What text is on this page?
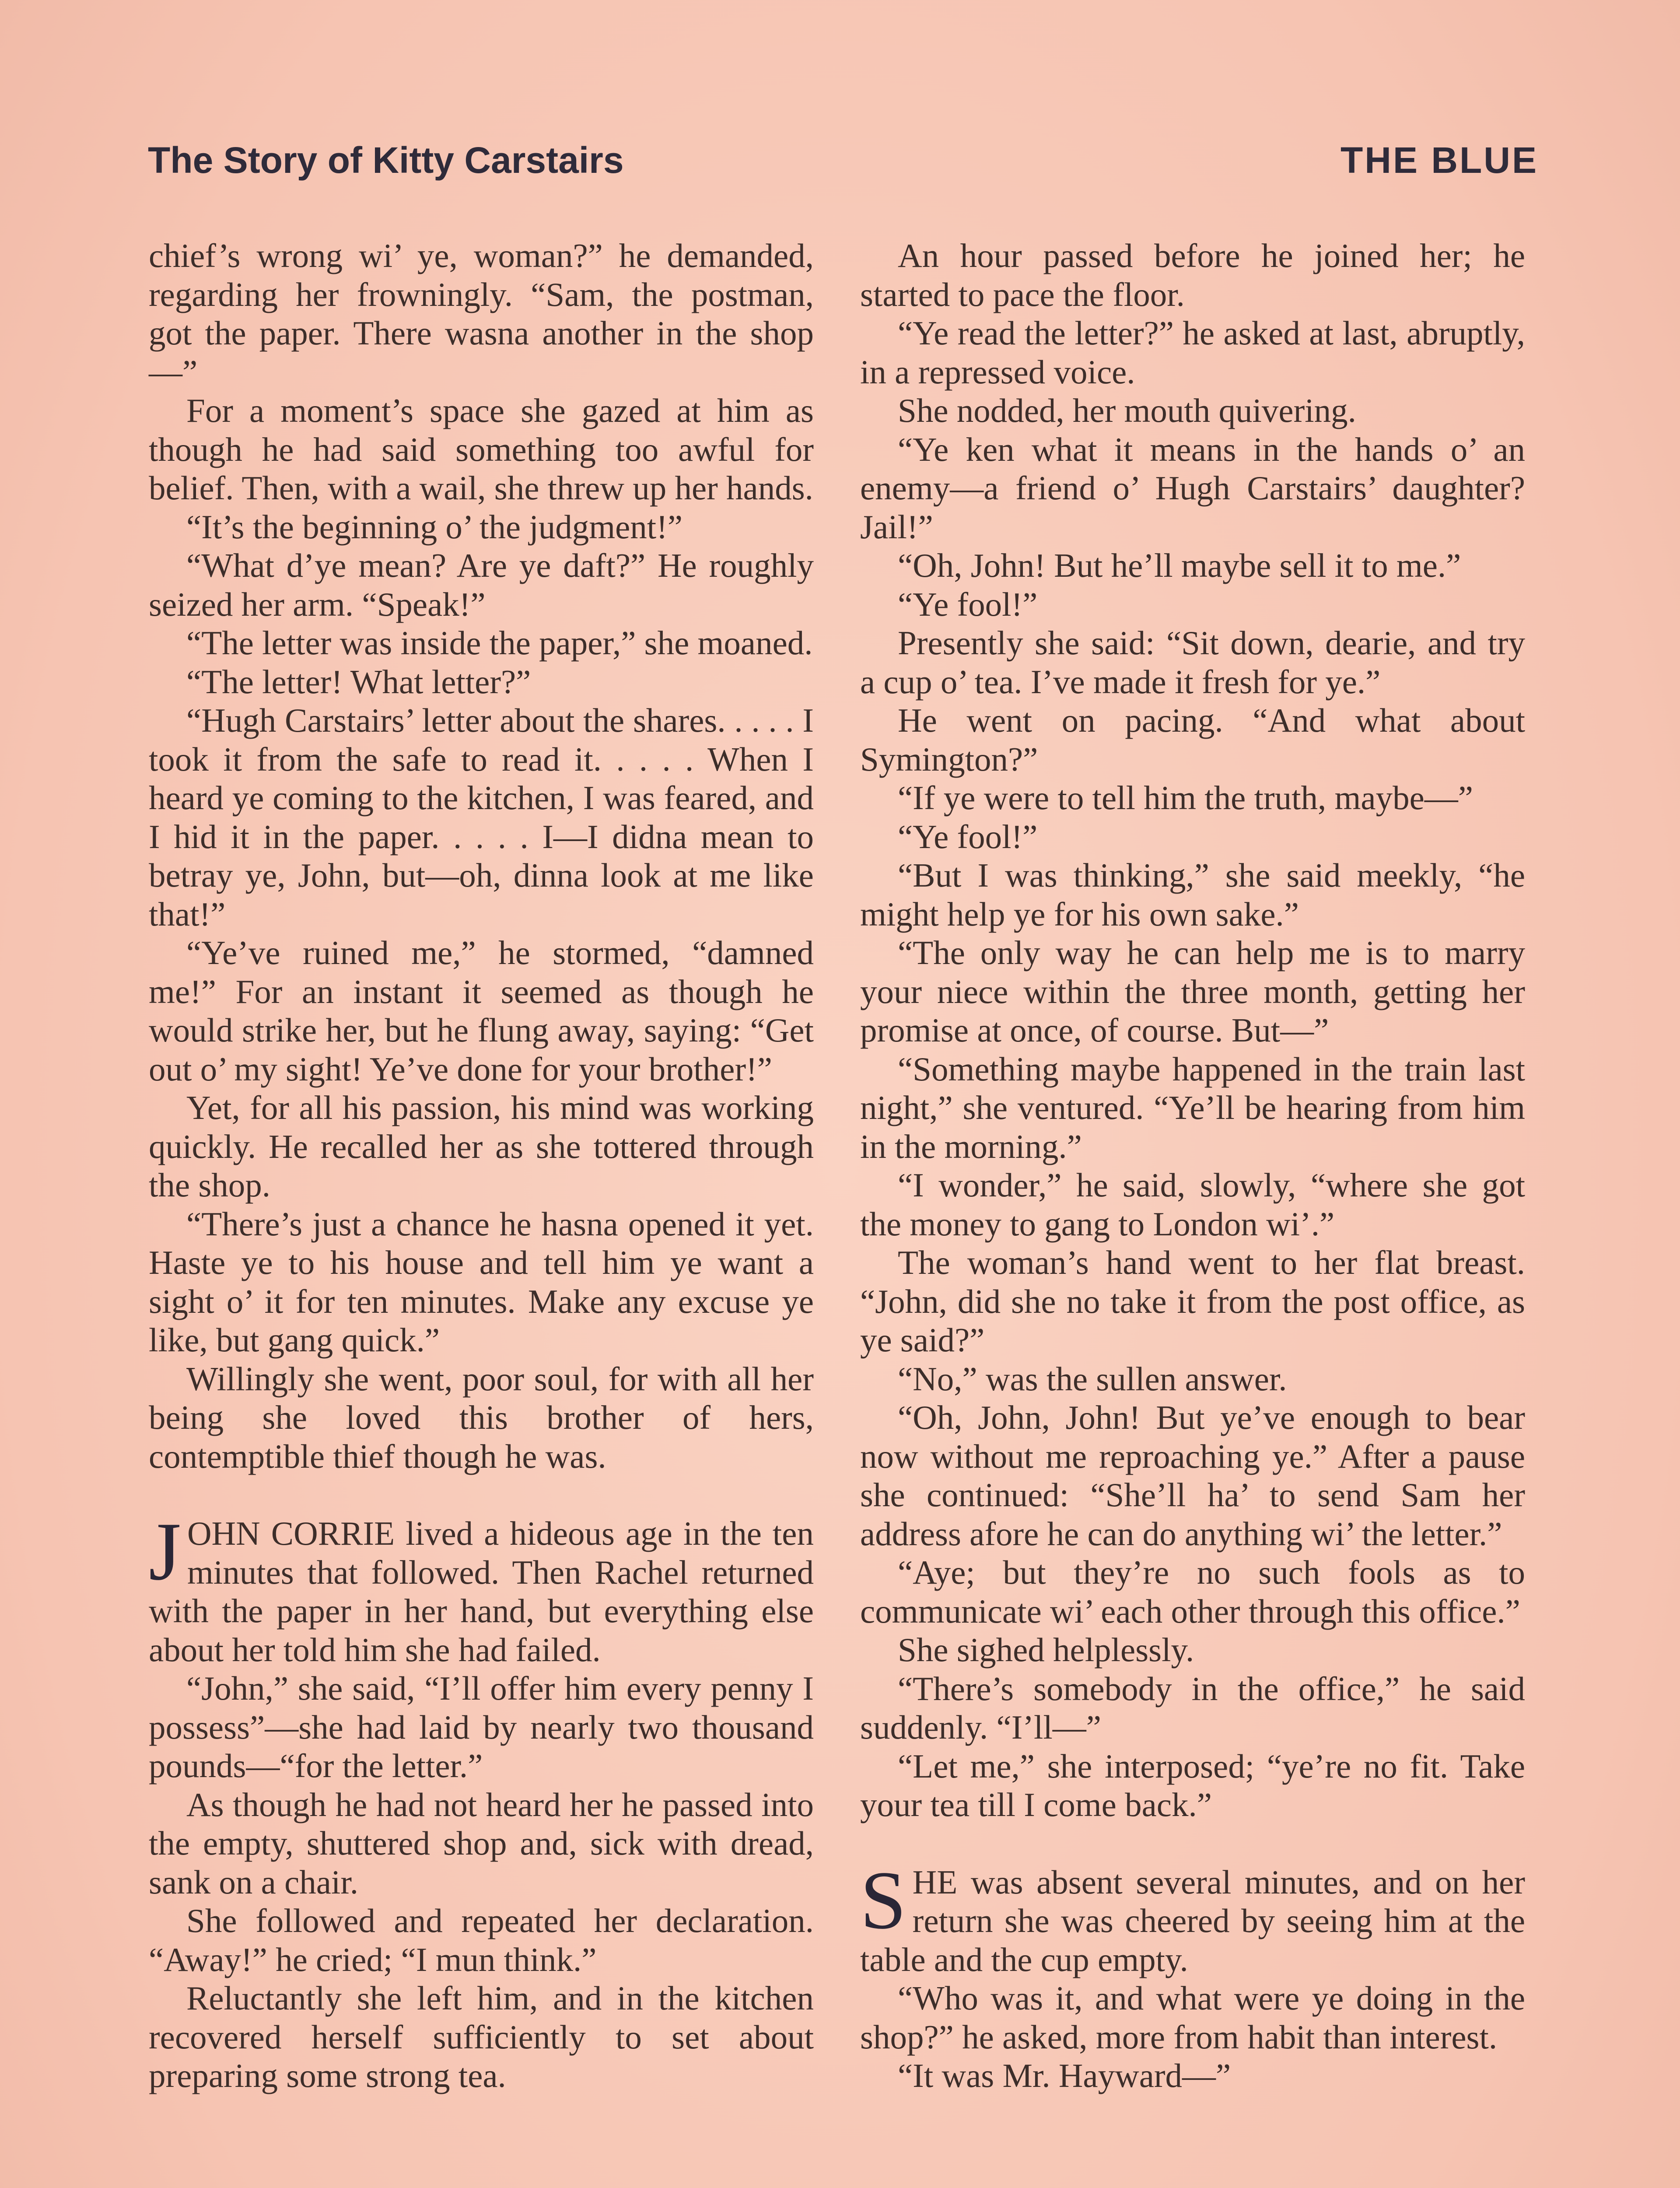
The Story of Kitty Carstairs	THE BLUE

chief’s wrong wi’ ye, woman?” he demanded, regarding her frowningly. “Sam, the postman, got the paper. There wasna another in the shop—”

For a moment’s space she gazed at him as though he had said something too awful for belief. Then, with a wail, she threw up her hands.

“It’s the beginning o’ the judgment!”

“What d’ye mean? Are ye daft?” He roughly seized her arm. “Speak!”

“The letter was inside the paper,” she moaned.

“The letter! What letter?”

“Hugh Carstairs’ letter about the shares. . . . . I took it from the safe to read it. . . . . When I heard ye coming to the kitchen, I was feared, and I hid it in the paper. . . . . I—I didna mean to betray ye, John, but—oh, dinna look at me like that!”

“Ye’ve ruined me,” he stormed, “damned me!” For an instant it seemed as though he would strike her, but he flung away, saying: “Get out o’ my sight! Ye’ve done for your brother!”

Yet, for all his passion, his mind was working quickly. He recalled her as she tottered through the shop.

“There’s just a chance he hasna opened it yet. Haste ye to his house and tell him ye want a sight o’ it for ten minutes. Make any excuse ye like, but gang quick.”

Willingly she went, poor soul, for with all her being she loved this brother of hers, contemptible thief though he was.

JOHN CORRIE lived a hideous age in the ten minutes that followed. Then Rachel returned with the paper in her hand, but everything else about her told him she had failed.

“John,” she said, “I’ll offer him every penny I possess”—she had laid by nearly two thousand pounds—“for the letter.”

As though he had not heard her he passed into the empty, shuttered shop and, sick with dread, sank on a chair.

She followed and repeated her declaration. “Away!” he cried; “I mun think.”

Reluctantly she left him, and in the kitchen recovered herself sufficiently to set about preparing some strong tea.

An hour passed before he joined her; he started to pace the floor.

“Ye read the letter?” he asked at last, abruptly, in a repressed voice.

She nodded, her mouth quivering.

“Ye ken what it means in the hands o’ an enemy—a friend o’ Hugh Carstairs’ daughter? Jail!”

“Oh, John! But he’ll maybe sell it to me.”

“Ye fool!”

Presently she said: “Sit down, dearie, and try a cup o’ tea. I’ve made it fresh for ye.”

He went on pacing. “And what about Symington?”

“If ye were to tell him the truth, maybe—”

“Ye fool!”

“But I was thinking,” she said meekly, “he might help ye for his own sake.”

“The only way he can help me is to marry your niece within the three month, getting her promise at once, of course. But—”

“Something maybe happened in the train last night,” she ventured. “Ye’ll be hearing from him in the morning.”

“I wonder,” he said, slowly, “where she got the money to gang to London wi’.”

The woman’s hand went to her flat breast. “John, did she no take it from the post office, as ye said?”

“No,” was the sullen answer.

“Oh, John, John! But ye’ve enough to bear now without me reproaching ye.” After a pause she continued: “She’ll ha’ to send Sam her address afore he can do anything wi’ the letter.”

“Aye; but they’re no such fools as to communicate wi’ each other through this office.”

She sighed helplessly.

“There’s somebody in the office,” he said suddenly. “I’ll—”

“Let me,” she interposed; “ye’re no fit. Take your tea till I come back.”

SHE was absent several minutes, and on her return she was cheered by seeing him at the table and the cup empty.

“Who was it, and what were ye doing in the shop?” he asked, more from habit than interest.

“It was Mr. Hayward—”
